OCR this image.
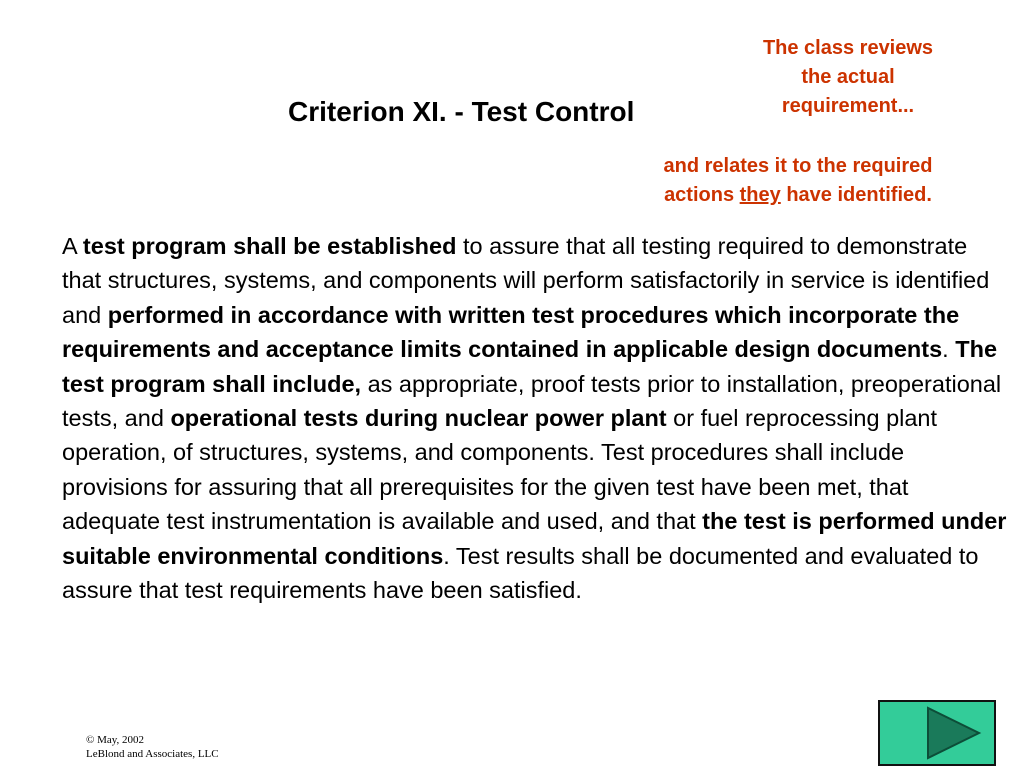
Criterion XI. - Test Control
The class reviews
the actual
requirement...
and relates it to the required
actions they have identified.
A test program shall be established to assure that all testing required to demonstrate that structures, systems, and components will perform satisfactorily in service is identified and performed in accordance with written test procedures which incorporate the requirements and acceptance limits contained in applicable design documents. The test program shall include, as appropriate, proof tests prior to installation, preoperational tests, and operational tests during nuclear power plant or fuel reprocessing plant operation, of structures, systems, and components. Test procedures shall include provisions for assuring that all prerequisites for the given test have been met, that adequate test instrumentation is available and used, and that the test is performed under suitable environmental conditions. Test results shall be documented and evaluated to assure that test requirements have been satisfied.
© May, 2002
LeBlond and Associates, LLC
